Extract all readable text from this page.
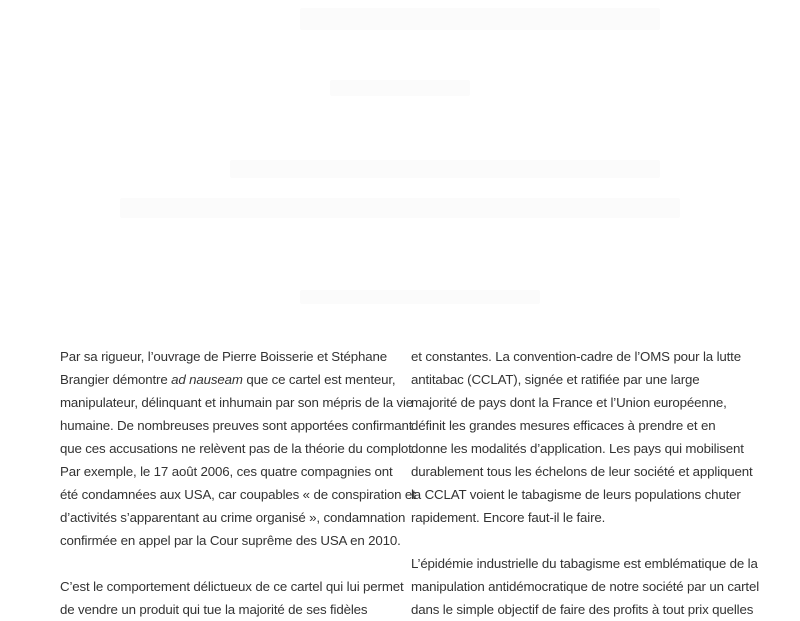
Par sa rigueur, l’ouvrage de Pierre Boisserie et Stéphane
Brangier démontre ad nauseam que ce cartel est menteur,
manipulateur, délinquant et inhumain par son mépris de la vie
humaine. De nombreuses preuves sont apportées confirmant
que ces accusations ne relèvent pas de la théorie du complot.
Par exemple, le 17 août 2006, ces quatre compagnies ont
été condamnées aux USA, car coupables « de conspiration et
d’activités s’apparentant au crime organisé », condamnation
confirmée en appel par la Cour suprême des USA en 2010.
C’est le comportement délictueux de ce cartel qui lui permet
de vendre un produit qui tue la majorité de ses fidèles
et constantes. La convention-cadre de l’OMS pour la lutte
antitabac (CCLAT), signée et ratifiée par une large
majorité de pays dont la France et l’Union européenne,
définit les grandes mesures efficaces à prendre et en
donne les modalités d’application. Les pays qui mobilisent
durablement tous les échelons de leur société et appliquent
la CCLAT voient le tabagisme de leurs populations chuter
rapidement. Encore faut-il le faire.
L’épidémie industrielle du tabagisme est emblématique de la
manipulation antidémocratique de notre société par un cartel
dans le simple objectif de faire des profits à tout prix quelles
